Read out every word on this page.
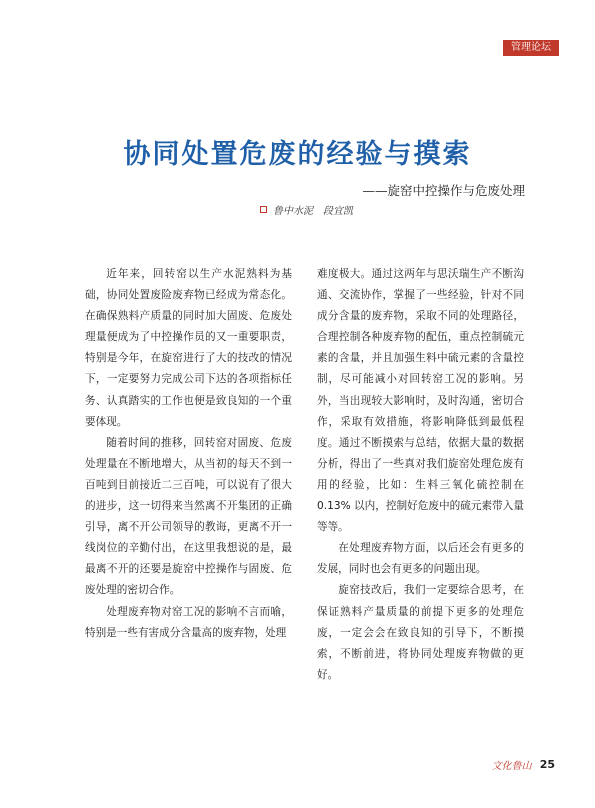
管理论坛
协同处置危废的经验与摸索
——旋窑中控操作与危废处理
鲁中水泥 段宜凯

近年来，回转窑以生产水泥熟料为基础，协同处置废险废弃物已经成为常态化。在确保熟料产质量的同时加大固废、危废处理量便成为了中控操作员的又一重要职责，特别是今年，在旋窑进行了大的技改的情况下，一定要努力完成公司下达的各项指标任务、认真踏实的工作也便是致良知的一个重要体现。

随着时间的推移，回转窑对固废、危废处理量在不断地增大，从当初的每天不到一百吨到目前接近二三百吨，可以说有了很大的进步，这一切得来当然离不开集团的正确引导，离不开公司领导的教诲，更离不开一线岗位的辛勤付出，在这里我想说的是，最最离不开的还要是旋窑中控操作与固废、危废处理的密切合作。

处理废弃物对窑工况的影响不言而喻，特别是一些有害成分含量高的废弃物，处理

难度极大。通过这两年与思沃瑞生产不断沟通、交流协作，掌握了一些经验，针对不同成分含量的废弃物，采取不同的处理路径，合理控制各种废弃物的配伍，重点控制硫元素的含量，并且加强生料中硫元素的含量控制，尽可能减小对回转窑工况的影响。另外，当出现较大影响时，及时沟通，密切合作，采取有效措施，将影响降低到最低程度。通过不断摸索与总结，依据大量的数据分析，得出了一些真对我们旋窑处理危废有用的经验，比如：生料三氧化硫控制在 0.13% 以内，控制好危废中的硫元素带入量等等。

在处理废弃物方面，以后还会有更多的发展，同时也会有更多的问题出现。

旋窑技改后，我们一定要综合思考，在保证熟料产量质量的前提下更多的处理危废，一定会会在致良知的引导下，不断摸索，不断前进，将协同处理废弃物做的更好。

文化鲁山 25
